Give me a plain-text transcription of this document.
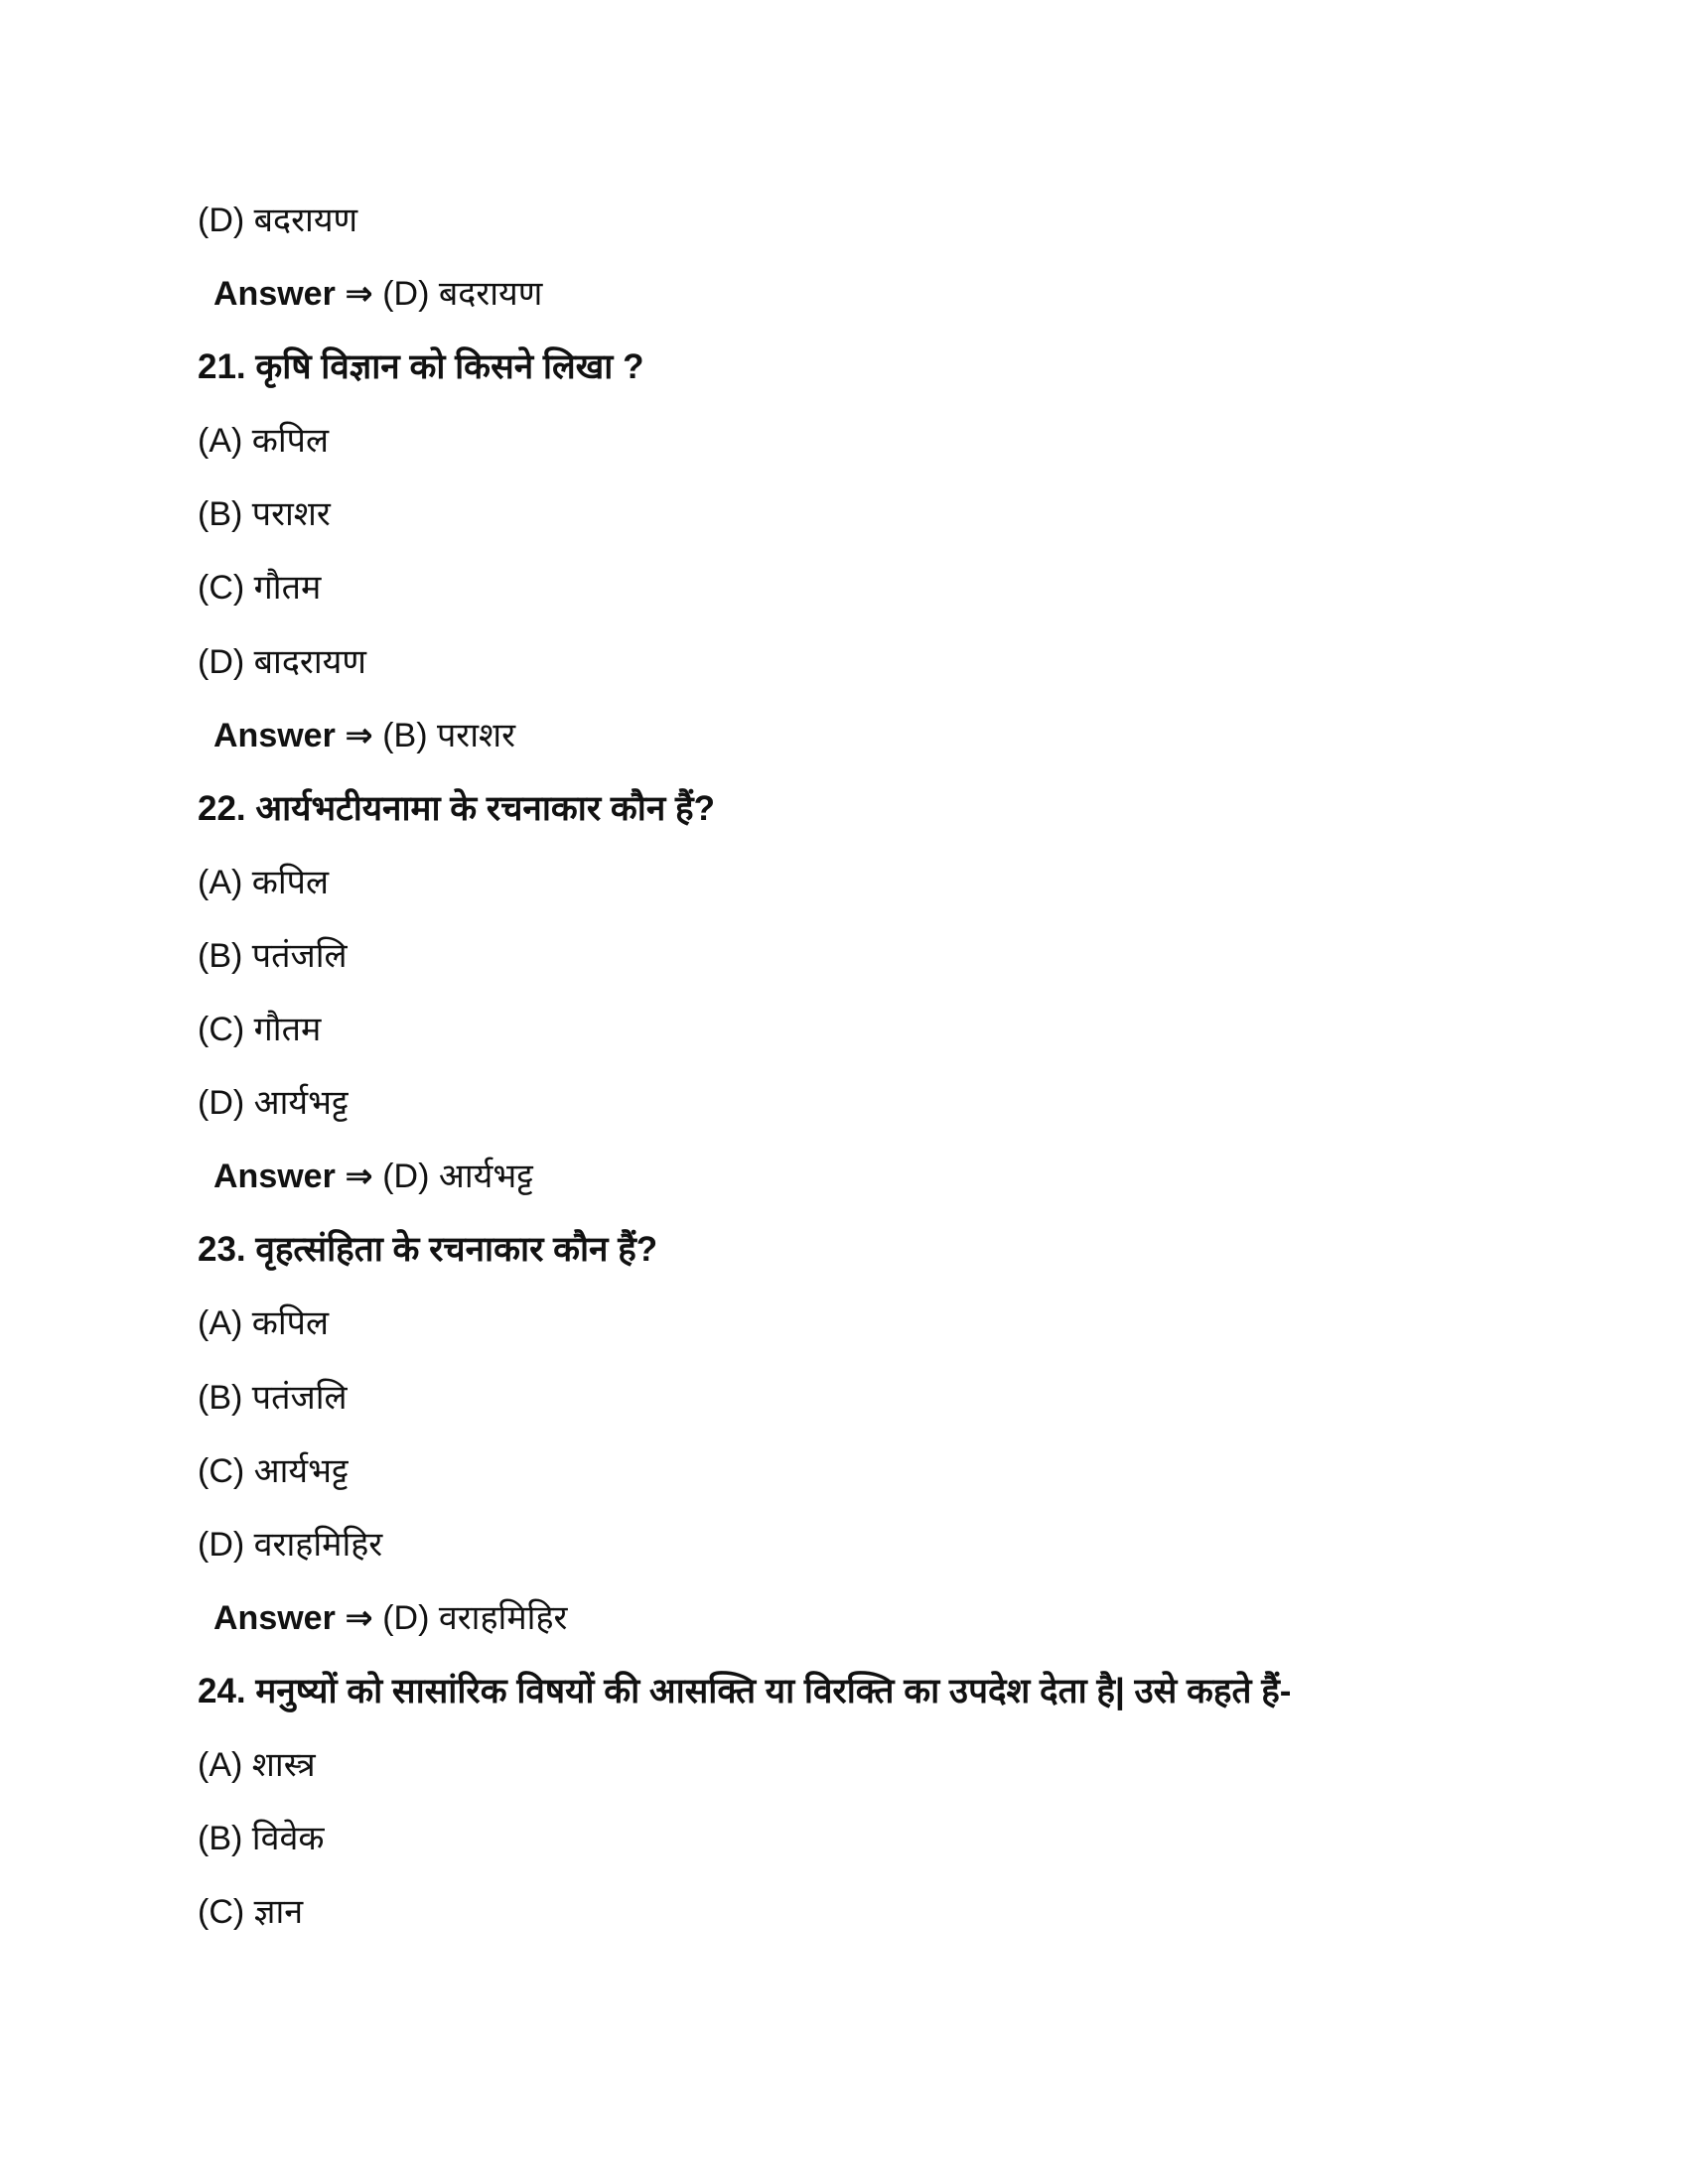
(D) बदरायण
Answer ⇒ (D) बदरायण
21. कृषि विज्ञान को किसने लिखा ?
(A) कपिल
(B) पराशर
(C) गौतम
(D) बादरायण
Answer ⇒ (B) पराशर
22. आर्यभटीयनामा के रचनाकार कौन हैं?
(A) कपिल
(B) पतंजलि
(C) गौतम
(D) आर्यभट्ट
Answer ⇒ (D) आर्यभट्ट
23. वृहत्संहिता के रचनाकार कौन हैं?
(A) कपिल
(B) पतंजलि
(C) आर्यभट्ट
(D) वराहमिहिर
Answer ⇒ (D) वराहमिहिर
24. मनुष्यों को सासांरिक विषयों की आसक्ति या विरक्ति का उपदेश देता है| उसे कहते हैं-
(A) शास्त्र
(B) विवेक
(C) ज्ञान
